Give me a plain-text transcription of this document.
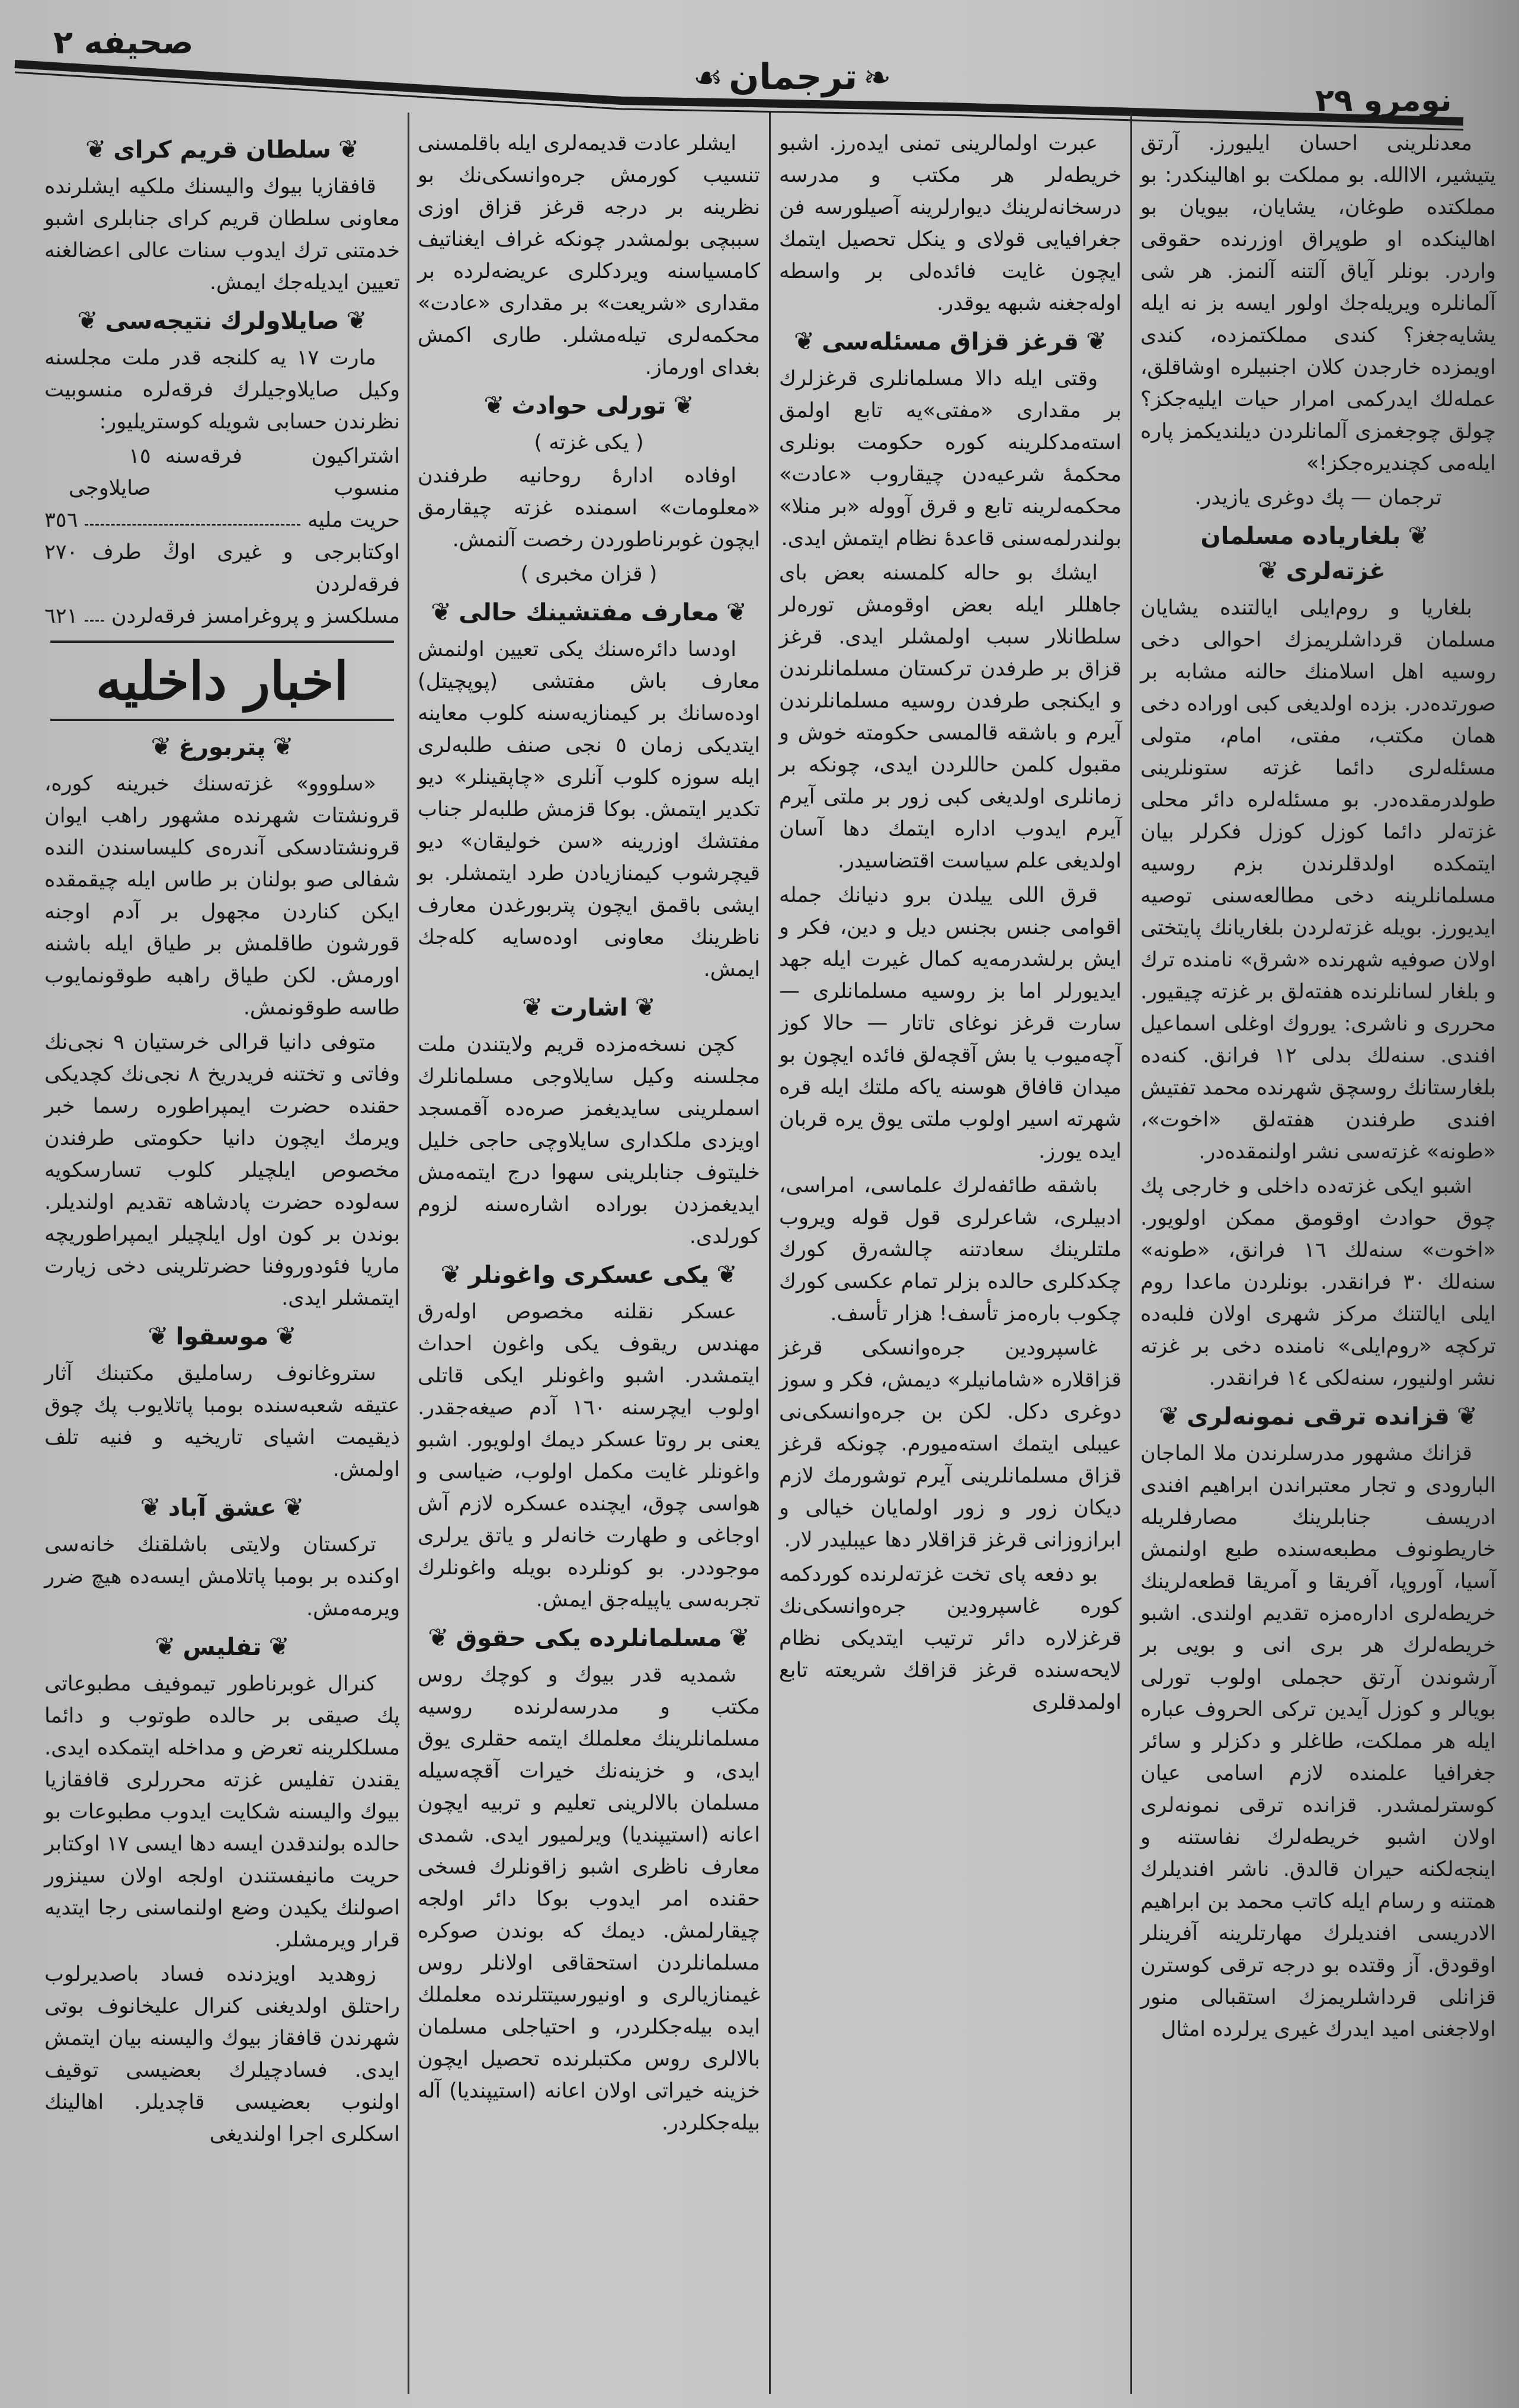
صحيفه ٢
❧ترجمان☙
نومرو ٢٩

معدنلرينى احسان ايليورز. آرتق يتيشير، الاالله. بو مملكت بو اهالينكدر: بو مملكتده طوغان، يشايان، بيويان بو اهالينكده او طوپراق اوزرنده حقوقى واردر. بونلر آياق آلتنه آلنمز. هر شى آلمانلره ويريله‌جك اولور ايسه بز نه ايله يشايه‌جغز؟ كندى مملكتمزده، كندى اويمزده خارجدن كلان اجنبيلره اوشاقلق، عمله‌لك ايدركمى امرار حيات ايليه‌جكز؟ چولق چوجغمزى آلمانلردن ديلنديكمز پاره ايله‌مى كچنديره‌جكز!»

ترجمان — پك دوغرى يازيدر.
❦بلغاريا‌ده مسلمان غزته‌لرى❦

بلغاريا و روم‌ايلى ايالتنده يشايان مسلمان قرداشلريمزك احوالى دخى روسيه اهل اسلامنك حالنه مشابه بر صورتده‌در. بزده اولديغى كبى اوراده دخى همان مكتب، مفتى، امام، متولى مسئله‌لرى دائما غزته ستونلرينى طولدرمقده‌در. بو مسئله‌لره دائر محلى غزته‌لر دائما كوزل كوزل فكرلر بيان ايتمكده اولدقلرندن بزم روسيه مسلمانلرينه دخى مطالعه‌سنى توصيه ايديورز. بويله غزته‌لردن بلغاريانك پايتختى اولان صوفيه شهرنده «شرق» نامنده ترك و بلغار لسانلرنده هفته‌لق بر غزته چيقيور. محررى و ناشرى: يوروك اوغلى اسماعيل افندى. سنه‌لك بدلى ١٢ فرانق. كنه‌ده بلغارستانك روسچق شهرنده محمد تفتيش افندى طرفندن هفته‌لق «اخوت»، «طونه» غزته‌سى نشر اولنمقده‌در.

اشبو ايكى غزته‌ده داخلى و خارجى پك چوق حوادث اوقومق ممكن اولويور. «اخوت» سنه‌لك ١٦ فرانق، «طونه» سنه‌لك ٣٠ فرانقدر. بونلردن ماعدا روم ايلى ايالتنك مركز شهرى اولان فلبه‌ده تركچه «روم‌ايلى» نامنده دخى بر غزته نشر اولنيور، سنه‌لكى ١٤ فرانقدر.

❦قزانده ترقى نمونه‌لرى❦

قزانك مشهور مدرسلرندن ملا الماجان البارودى و تجار معتبراندن ابراهيم افندى ادريسف جنابلرينك مصارفلريله خاريطونوف مطبعه‌سنده طبع اولنمش آسيا، آوروپا، آفريقا و آمريقا قطعه‌لرينك خريطه‌لرى اداره‌مزه تقديم اولندى. اشبو خريطه‌لرك هر برى انى و بويى بر آرشوندن آرتق حجملى اولوب تورلى بويالر و كوزل آيدين تركى الحروف عباره ايله هر مملكت، طاغلر و دكزلر و سائر جغرافيا علمنده لازم اسامى عيان كوسترلمشدر. قزانده ترقى نمونه‌لرى اولان اشبو خريطه‌لرك نفاستنه و اينجه‌لكنه حيران قالدق. ناشر افنديلرك همتنه و رسام ايله كاتب محمد بن ابراهيم الادريسى افنديلرك مهارتلرينه آفرينلر اوقودق. آز وقتده بو درجه ترقى كوسترن قزانلى قرداشلريمزك استقبالى منور اولاجغنى اميد ايدرك غيرى يرلرده امثال

عبرت اولمالرينى تمنى ايده‌رز. اشبو خريطه‌لر هر مكتب و مدرسه درسخانه‌لرينك ديوارلرينه آصيلورسه فن جغرافيايى قولاى و ينكل تحصيل ايتمك ايچون غايت فائده‌لى بر واسطه اوله‌جغنه شبهه يوقدر.

❦قرغز قزاق مسئله‌سى❦

وقتى ايله دالا مسلمانلرى قرغزلرك بر مقدارى «مفتى»يه تابع اولمق استه‌مدكلرينه كوره حكومت بونلرى محكمۀ شرعيه‌دن چيقاروب «عادت» محكمه‌لرينه تابع و قرق آووله «بر منلا» بولندرلمه‌سنى قاعدۀ نظام ايتمش ايدى.

ايشك بو حاله كلمسنه بعض باى جاهللر ايله بعض اوقومش توره‌لر سلطانلار سبب اولمشلر ايدى. قرغز قزاق بر طرفدن تركستان مسلمانلرندن و ايكنجى طرفدن روسيه مسلمانلرندن آيرم و باشقه قالمسى حكومته خوش و مقبول كلمن حاللردن ايدى، چونكه بر زمانلرى اولديغى كبى زور بر ملتى آيرم آيرم ايدوب اداره ايتمك دها آسان اولديغى علم سياست اقتضاسيدر.

قرق اللى ييلدن برو دنيانك جمله اقوامى جنس بجنس ديل و دين، فكر و ايش برلشدرمه‌يه كمال غيرت ايله جهد ايديورلر اما بز روسيه مسلمانلرى — سارت قرغز نوغاى تاتار — حالا كوز آچه‌ميوب يا بش آقچه‌لق فائده ايچون بو ميدان قافاق هوسنه ياكه ملتك ايله قره شهرته اسير اولوب ملتى يوق يره قربان ايده يورز.

باشقه طائفه‌لرك علماسى، امراسى، ادبيلرى، شاعرلرى قول قوله ويروب ملتلرينك سعادتنه چالشه‌رق كورك چكدكلرى حالده بزلر تمام عكسى كورك چكوب باره‌مز تأسف! هزار تأسف.

غاسپرودين جره‌وانسكى قرغز قزاقلاره «شامانيلر» ديمش، فكر و سوز دوغرى دكل. لكن بن جره‌وانسكى‌نى عيبلى ايتمك استه‌ميورم. چونكه قرغز قزاق مسلمانلرينى آيرم توشورمك لازم ديكان زور و زور اولمايان خيالى و ابرازوزانى قرغز قزاقلار دها عيبليدر لار.

بو دفعه پاى تخت غزته‌لرنده كوردكمه كوره غاسپرودين جره‌وانسكى‌نك قرغزلاره دائر ترتيب ايتديكى نظام لايحه‌سنده قرغز قزاقك شريعته تابع اولمدقلرى

ايشلر عادت قديمه‌لرى ايله باقلمسنى تنسيب كورمش جره‌وانسكى‌نك بو نظرينه بر درجه قرغز قزاق اوزى سببچى بولمشدر چونكه غراف ايغناتيف كامسياسنه ويردكلرى عريضه‌لرده بر مقدارى «شريعت» بر مقدارى «عادت» محكمه‌لرى تيله‌مشلر. طارى اكمش بغداى اورماز.

❦تورلى حوادث❦
( يكى غزته )

اوفاده ادارۀ روحانيه طرفندن «معلومات» اسمنده غزته چيقارمق ايچون غوبرناطوردن رخصت آلنمش.

( قزان مخبرى )
❦معارف مفتشينك حالى❦

اودسا دائره‌سنك يكى تعيين اولنمش معارف باش مفتشى (پوپچيتل) اوده‌سانك بر كيمنازيه‌سنه كلوب معاينه ايتديكى زمان ٥ نجى صنف طلبه‌لرى ايله سوزه كلوب آنلرى «چاپقينلر» ديو تكدير ايتمش. بوكا قزمش طلبه‌لر جناب مفتشك اوزرينه «سن خوليقان» ديو قيچرشوب كيمنازيادن طرد ايتمشلر. بو ايشى باقمق ايچون پتربورغدن معارف ناظرينك معاونى اوده‌سايه كله‌جك ايمش.

❦اشارت❦

كچن نسخه‌مزده قريم ولايتندن ملت مجلسنه وكيل سايلاوجى مسلمانلرك اسملرينى سايديغمز صره‌ده آقمسجد اويزدى ملكدارى سايلاوچى حاجى خليل خليتوف جنابلرينى سهوا درج ايتمه‌مش ايديغمزدن بوراده اشاره‌سنه لزوم كورلدى.

❦يكى عسكرى واغونلر❦

عسكر نقلنه مخصوص اوله‌رق مهندس ريقوف يكى واغون احداث ايتمشدر. اشبو واغونلر ايكى قاتلى اولوب ايچرسنه ١٦٠ آدم صيغه‌جقدر. يعنى بر روتا عسكر ديمك اولويور. اشبو واغونلر غايت مكمل اولوب، ضياسى و هواسى چوق، ايچنده عسكره لازم آش اوجاغى و طهارت خانه‌لر و ياتق يرلرى موجوددر. بو كونلرده بويله واغونلرك تجربه‌سى ياپيله‌جق ايمش.

❦مسلمانلرده يكى حقوق❦

شمديه قدر بيوك و كوچك روس مكتب و مدرسه‌لرنده روسيه مسلمانلرينك معلملك ايتمه حقلرى يوق ايدى، و خزينه‌نك خيرات آقچه‌سيله مسلمان بالالرينى تعليم و تربيه ايچون اعانه (استيپنديا) ويرلميور ايدى. شمدى معارف ناظرى اشبو زاقونلرك فسخى حقنده امر ايدوب بوكا دائر اولجه چيقارلمش. ديمك كه بوندن صوكره مسلمانلردن استحقاقى اولانلر روس غيمنازيالرى و اونيورسيتتلرنده معلملك ايده بيله‌جكلردر، و احتياجلى مسلمان بالالرى روس مكتبلرنده تحصيل ايچون خزينه خيراتى اولان اعانه (استيپنديا) آله بيله‌جكلردر.

❦سلطان قريم كراى❦

قافقازيا بيوك واليسنك ملكيه ايشلرنده معاونى سلطان قريم كراى جنابلرى اشبو خدمتنى ترك ايدوب سنات عالى اعضالغنه تعيين ايديله‌جك ايمش.

❦صايلاولرك نتيجه‌سى❦

مارت ١٧ يه كلنجه قدر ملت مجلسنه وكيل صايلاوجيلرك فرقه‌لره منسوبيت نظرندن حسابى شويله كوستريليور:

اشتراكيون فرقه‌سنه منسوب
١٥ صايلاوجى
حريت مليه
٣٥٦
اوكتابرجى و غيرى اوڭ طرف فرقه‌لردن
٢٧٠
مسلكسز و پروغرامسز فرقه‌لردن
٦٢١
اخبار داخليه
❦پتربورغ❦

«سلووو» غزته‌سنك خبرينه كوره، قرونشتات شهرنده مشهور راهب ايوان قرونشتادسكى آندره‌ى كليساسندن النده شفالى صو بولنان بر طاس ايله چيقمقده ايكن كناردن مجهول بر آدم اوجنه قورشون طاقلمش بر طياق ايله باشنه اورمش. لكن طياق راهبه طوقونمايوب طاسه طوقونمش.

متوفى دانيا قرالى خرستيان ٩ نجى‌نك وفاتى و تختنه فريدريخ ٨ نجى‌نك كچديكى حقنده حضرت ايمپراطوره رسما خبر ويرمك ايچون دانيا حكومتى طرفندن مخصوص ايلچيلر كلوب تسارسكويه سه‌لوده حضرت پادشاهه تقديم اولنديلر. بوندن بر كون اول ايلچيلر ايمپراطوريچه ماريا فئودوروفنا حضرتلرينى دخى زيارت ايتمشلر ايدى.

❦موسقوا❦

ستروغانوف رسامليق مكتبنك آثار عتيقه شعبه‌سنده بومبا پاتلايوب پك چوق ذيقيمت اشياى تاريخيه و فنيه تلف اولمش.

❦عشق آباد❦

تركستان ولايتى باشلقنك خانه‌سى اوكنده بر بومبا پاتلامش ايسه‌ده هيچ ضرر ويرمه‌مش.

❦تفليس❦

كنرال غوبرناطور تيموفيف مطبوعاتى پك صيقى بر حالده طوتوب و دائما مسلكلرينه تعرض و مداخله ايتمكده ايدى. يقندن تفليس غزته محررلرى قافقازيا بيوك واليسنه شكايت ايدوب مطبوعات بو حالده بولندقدن ايسه دها ايسى ١٧ اوكتابر حريت مانيفستندن اولجه اولان سينزور اصولنك يكيدن وضع اولنماسنى رجا ايتديه قرار ويرمشلر.

زوهديد اويزدنده فساد باصديرلوب راحتلق اولديغنى كنرال عليخانوف بوتى شهرندن قافقاز بيوك واليسنه بيان ايتمش ايدى. فسادچيلرك بعضيسى توقيف اولنوب بعضيسى قاچديلر. اهالينك اسكلرى اجرا اولنديغى
